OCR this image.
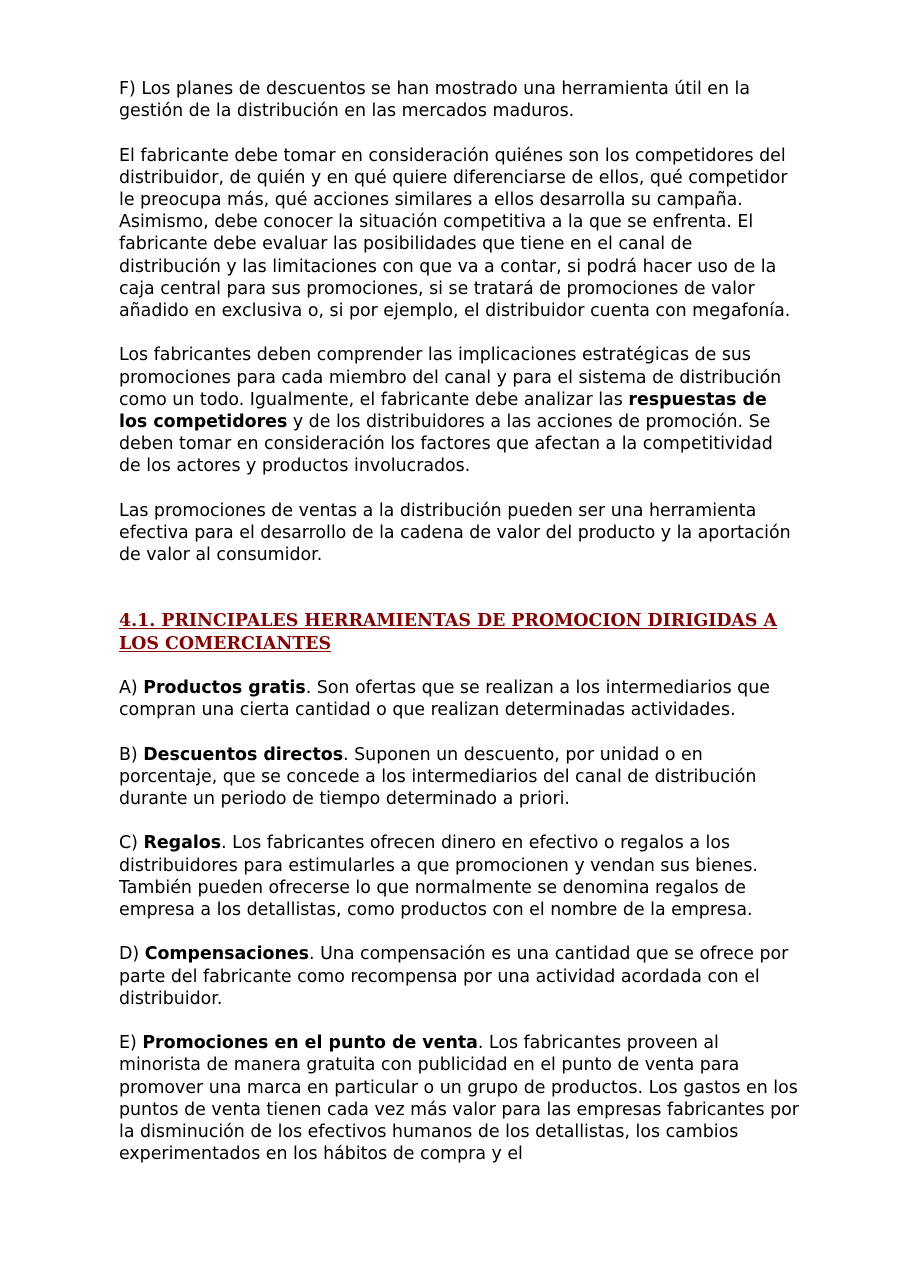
F) Los planes de descuentos se han mostrado una herramienta útil en la gestión de la distribución en las mercados maduros.

El fabricante debe tomar en consideración quiénes son los competidores del distribuidor, de quién y en qué quiere diferenciarse de ellos, qué competidor le preocupa más, qué acciones similares a ellos desarrolla su campaña. Asimismo, debe conocer la situación competitiva a la que se enfrenta. El fabricante debe evaluar las posibilidades que tiene en el canal de distribución y las limitaciones con que va a contar, si podrá hacer uso de la caja central para sus promociones, si se tratará de promociones de valor añadido en exclusiva o, si por ejemplo, el distribuidor cuenta con megafonía.

Los fabricantes deben comprender las implicaciones estratégicas de sus promociones para cada miembro del canal y para el sistema de distribución como un todo. Igualmente, el fabricante debe analizar las respuestas de los competidores y de los distribuidores a las acciones de promoción. Se deben tomar en consideración los factores que afectan a la competitividad de los actores y productos involucrados.

Las promociones de ventas a la distribución pueden ser una herramienta efectiva para el desarrollo de la cadena de valor del producto y la aportación de valor al consumidor.

4.1. PRINCIPALES HERRAMIENTAS DE PROMOCION DIRIGIDAS A LOS COMERCIANTES

A) Productos gratis. Son ofertas que se realizan a los intermediarios que compran una cierta cantidad o que realizan determinadas actividades.

B) Descuentos directos. Suponen un descuento, por unidad o en porcentaje, que se concede a los intermediarios del canal de distribución durante un periodo de tiempo determinado a priori.

C) Regalos. Los fabricantes ofrecen dinero en efectivo o regalos a los distribuidores para estimularles a que promocionen y vendan sus bienes. También pueden ofrecerse lo que normalmente se denomina regalos de empresa a los detallistas, como productos con el nombre de la empresa.

D) Compensaciones. Una compensación es una cantidad que se ofrece por parte del fabricante como recompensa por una actividad acordada con el distribuidor.

E) Promociones en el punto de venta. Los fabricantes proveen al minorista de manera gratuita con publicidad en el punto de venta para promover una marca en particular o un grupo de productos. Los gastos en los puntos de venta tienen cada vez más valor para las empresas fabricantes por la disminución de los efectivos humanos de los detallistas, los cambios experimentados en los hábitos de compra y el
